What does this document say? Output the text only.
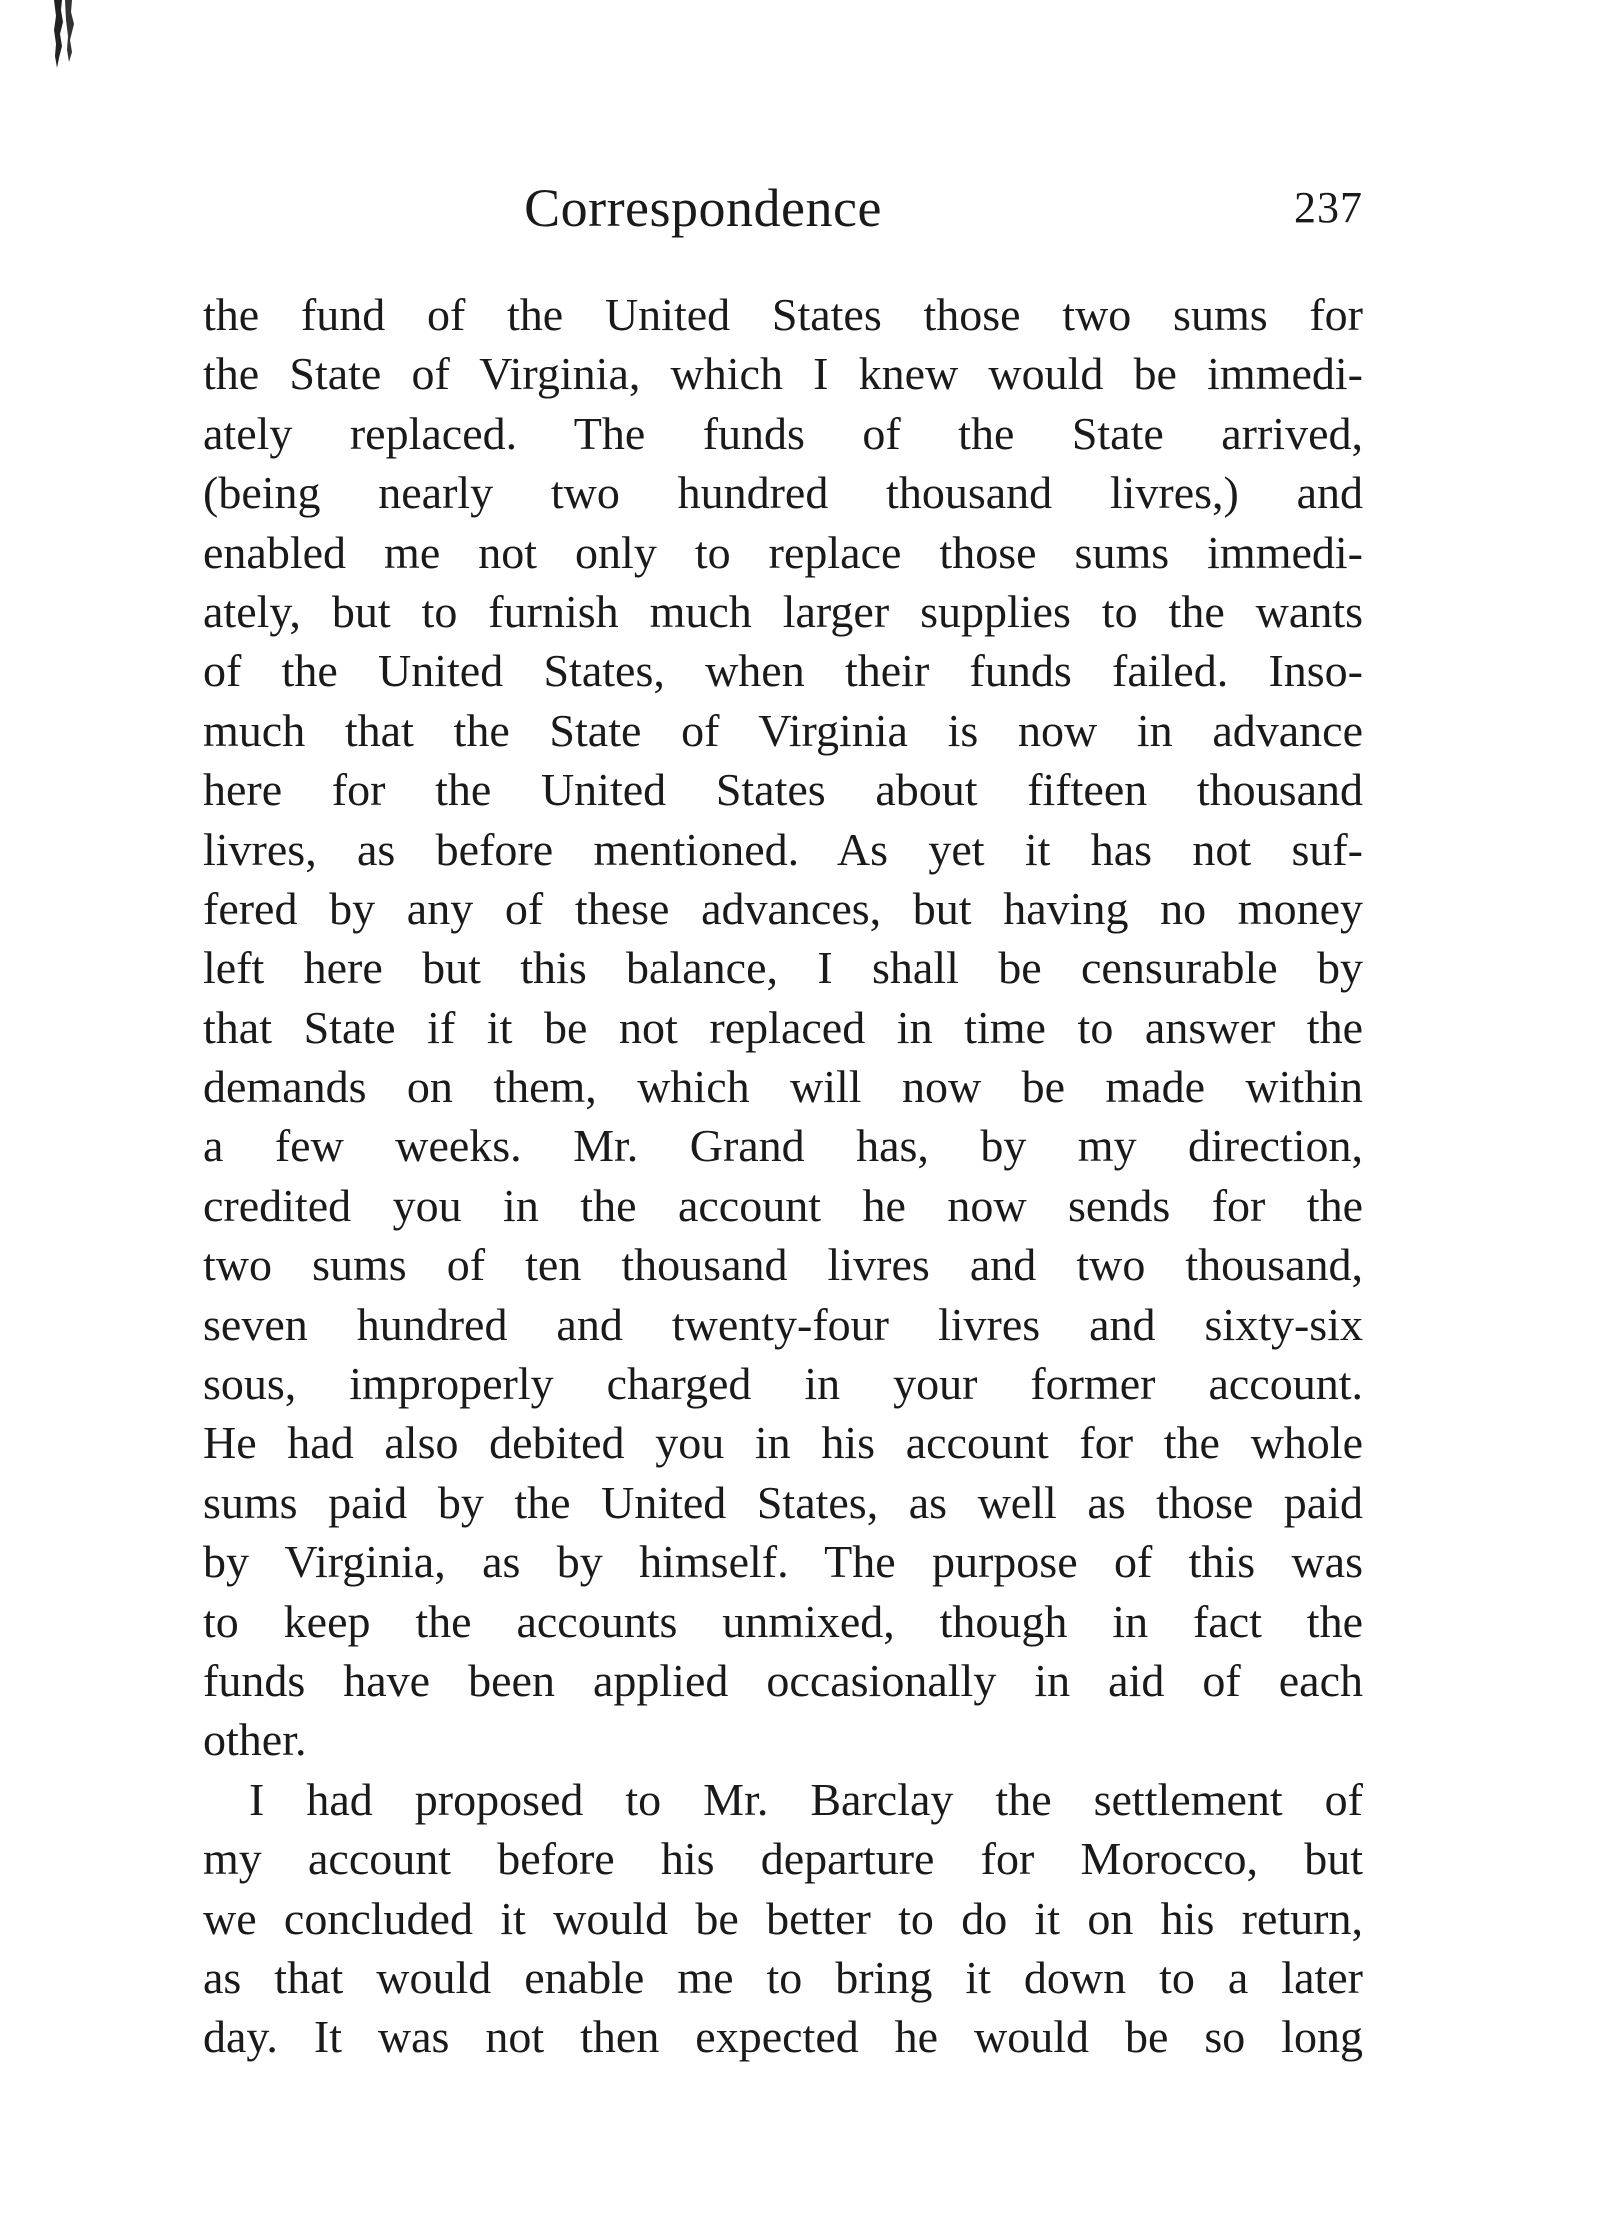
Correspondence	237
the fund of the United States those two sums for
the State of Virginia, which I knew would be immedi-
ately replaced. The funds of the State arrived,
(being nearly two hundred thousand livres,) and
enabled me not only to replace those sums immedi-
ately, but to furnish much larger supplies to the wants
of the United States, when their funds failed. Inso-
much that the State of Virginia is now in advance
here for the United States about fifteen thousand
livres, as before mentioned. As yet it has not suf-
fered by any of these advances, but having no money
left here but this balance, I shall be censurable by
that State if it be not replaced in time to answer the
demands on them, which will now be made within
a few weeks. Mr. Grand has, by my direction,
credited you in the account he now sends for the
two sums of ten thousand livres and two thousand,
seven hundred and twenty-four livres and sixty-six
sous, improperly charged in your former account.
He had also debited you in his account for the whole
sums paid by the United States, as well as those paid
by Virginia, as by himself. The purpose of this was
to keep the accounts unmixed, though in fact the
funds have been applied occasionally in aid of each
other.
I had proposed to Mr. Barclay the settlement of
my account before his departure for Morocco, but
we concluded it would be better to do it on his return,
as that would enable me to bring it down to a later
day. It was not then expected he would be so long
